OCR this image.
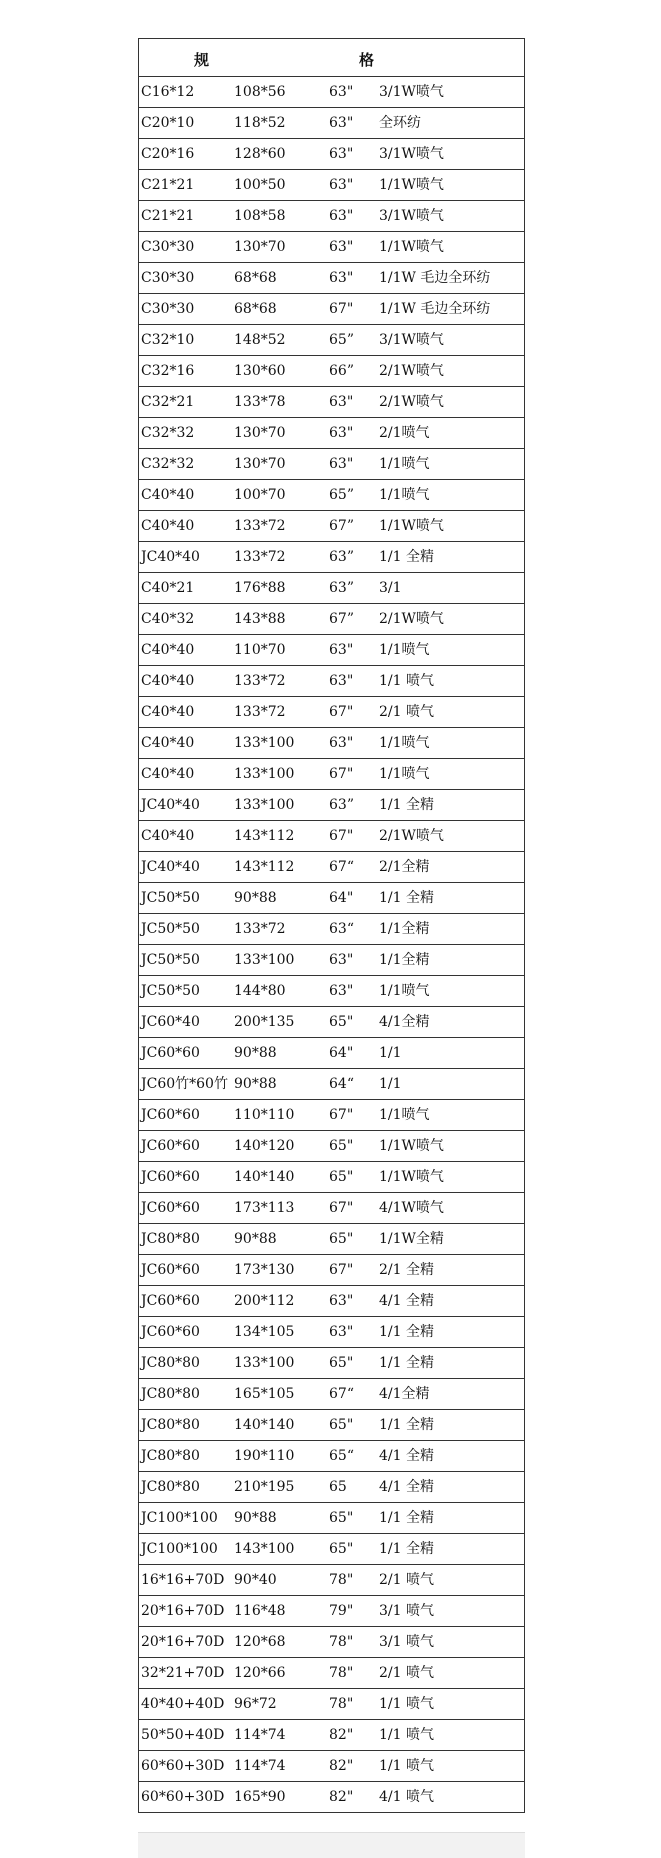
规	格
C16*12	108*56	63" 3/1W喷气
C20*10	118*52	63" 全环纺
C20*16	128*60	63" 3/1W喷气
C21*21	100*50	63" 1/1W喷气
C21*21	108*58	63" 3/1W喷气
C30*30	130*70	63" 1/1W喷气
C30*30	68*68	63" 1/1W 毛边全环纺
C30*30	68*68	67" 1/1W 毛边全环纺
C32*10	148*52	65” 3/1W喷气
C32*16	130*60	66” 2/1W喷气
C32*21	133*78	63" 2/1W喷气
C32*32	130*70	63" 2/1喷气
C32*32	130*70	63" 1/1喷气
C40*40	100*70	65” 1/1喷气
C40*40	133*72	67” 1/1W喷气
JC40*40 133*72	63” 1/1 全精
C40*21	176*88	63” 3/1
C40*32	143*88	67” 2/1W喷气
C40*40	110*70	63" 1/1喷气
C40*40	133*72	63" 1/1 喷气
C40*40	133*72	67" 2/1 喷气
C40*40	133*100 63" 1/1喷气
C40*40	133*100 67" 1/1喷气
JC40*40 133*100 63” 1/1 全精
C40*40	143*112 67" 2/1W喷气
JC40*40 143*112 67“ 2/1全精
JC50*50 90*88	64" 1/1 全精
JC50*50 133*72	63“ 1/1全精
JC50*50 133*100 63" 1/1全精
JC50*50 144*80	63" 1/1喷气
JC60*40 200*135 65" 4/1全精
JC60*60 90*88	64" 1/1
JC60竹*60竹 90*88	64“ 1/1
JC60*60 110*110 67" 1/1喷气
JC60*60 140*120 65" 1/1W喷气
JC60*60 140*140 65" 1/1W喷气
JC60*60 173*113 67" 4/1W喷气
JC80*80 90*88	65" 1/1W全精
JC60*60 173*130 67" 2/1 全精
JC60*60 200*112 63" 4/1 全精
JC60*60 134*105 63" 1/1 全精
JC80*80 133*100 65" 1/1 全精
JC80*80 165*105 67“ 4/1全精
JC80*80 140*140 65" 1/1 全精
JC80*80 190*110 65“ 4/1 全精
JC80*80 210*195 65 4/1 全精
JC100*100 90*88	65" 1/1 全精
JC100*100 143*100 65" 1/1 全精
16*16+70D 90*40	78" 2/1 喷气
20*16+70D 116*48	79" 3/1 喷气
20*16+70D 120*68	78" 3/1 喷气
32*21+70D 120*66	78" 2/1 喷气
40*40+40D 96*72	78" 1/1 喷气
50*50+40D 114*74	82" 1/1 喷气
60*60+30D 114*74	82" 1/1 喷气
60*60+30D 165*90	82" 4/1 喷气
